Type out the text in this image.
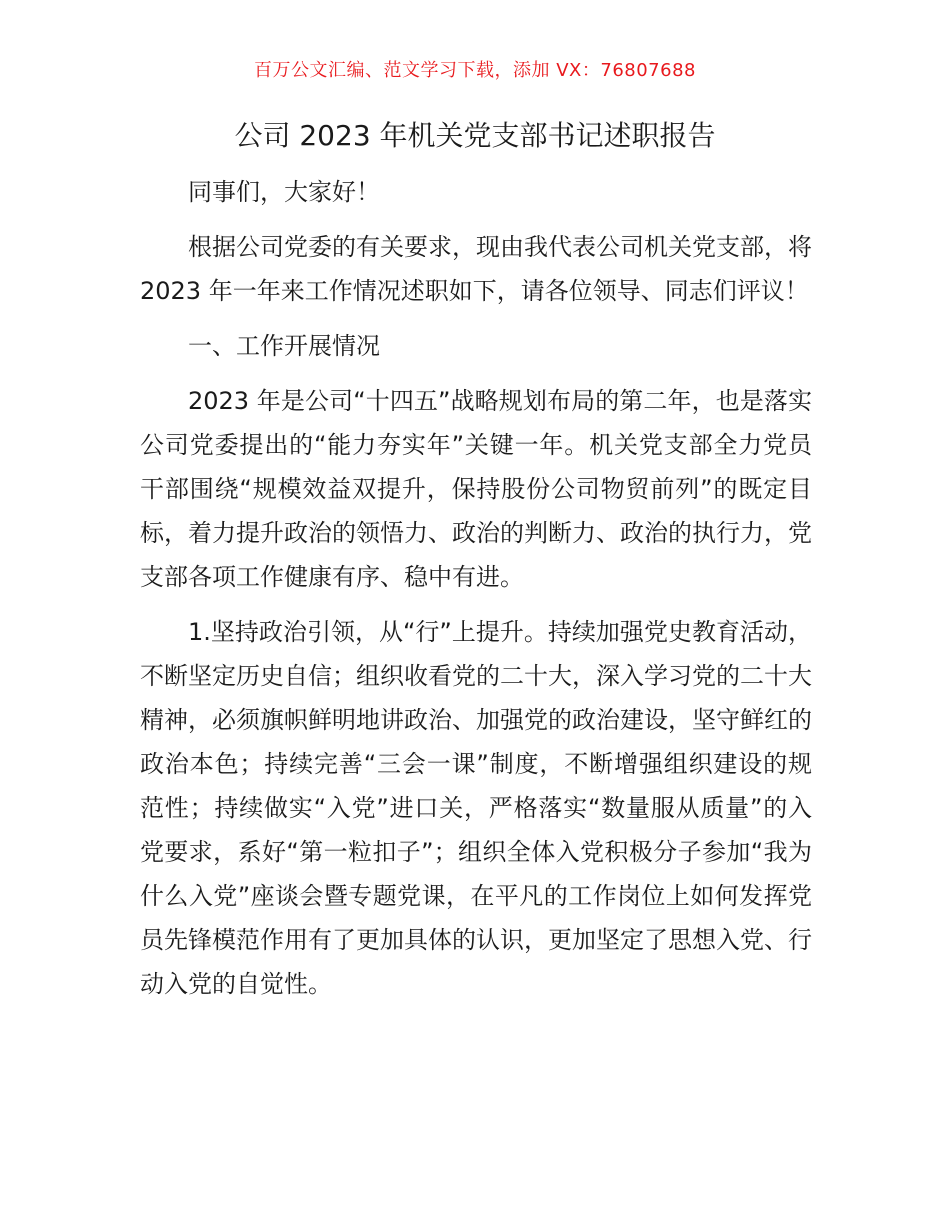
百万公文汇编、范文学习下载，添加 VX：76807688
公司 2023 年机关党支部书记述职报告

同事们，大家好！

根据公司党委的有关要求，现由我代表公司机关党支部，将 2023 年一年来工作情况述职如下，请各位领导、同志们评议！

一、工作开展情况

2023 年是公司“十四五”战略规划布局的第二年，也是落实公司党委提出的“能力夯实年”关键一年。机关党支部全力党员干部围绕“规模效益双提升，保持股份公司物贸前列”的既定目标，着力提升政治的领悟力、政治的判断力、政治的执行力，党支部各项工作健康有序、稳中有进。

1.坚持政治引领，从“行”上提升。持续加强党史教育活动，不断坚定历史自信；组织收看党的二十大，深入学习党的二十大精神，必须旗帜鲜明地讲政治、加强党的政治建设，坚守鲜红的政治本色；持续完善“三会一课”制度，不断增强组织建设的规范性；持续做实“入党”进口关，严格落实“数量服从质量”的入党要求，系好“第一粒扣子”；组织全体入党积极分子参加“我为什么入党”座谈会暨专题党课，在平凡的工作岗位上如何发挥党员先锋模范作用有了更加具体的认识，更加坚定了思想入党、行动入党的自觉性。
